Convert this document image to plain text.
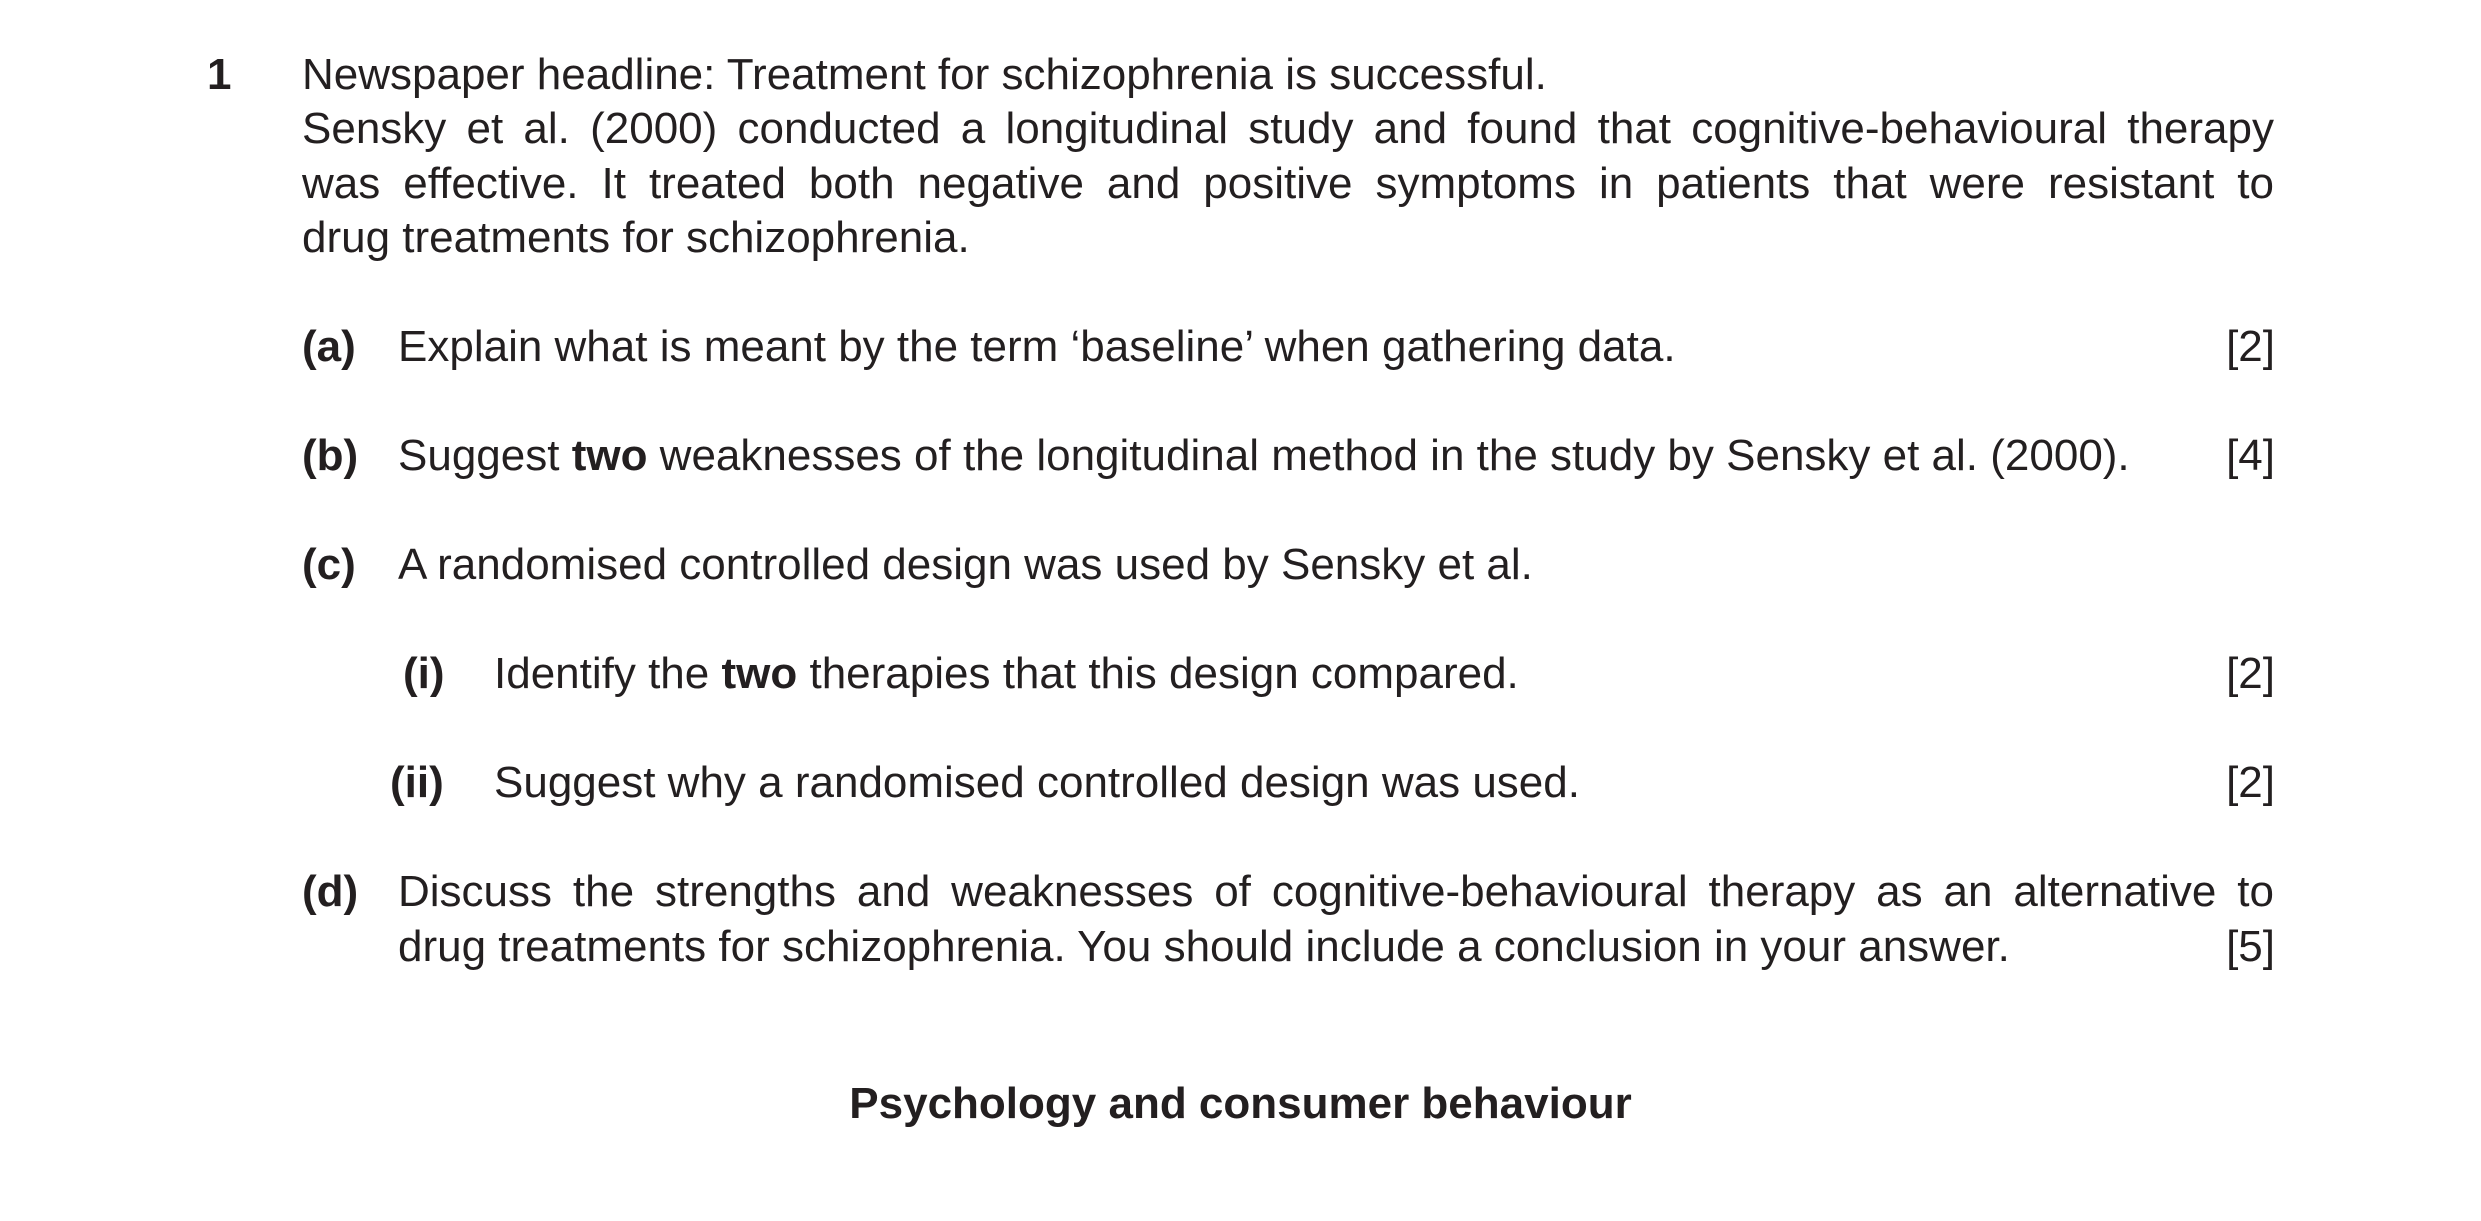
1 Newspaper headline: Treatment for schizophrenia is successful.
Sensky et al. (2000) conducted a longitudinal study and found that cognitive-behavioural therapy
was effective. It treated both negative and positive symptoms in patients that were resistant to
drug treatments for schizophrenia.
(a) Explain what is meant by the term ‘baseline’ when gathering data.	[2]
(b) Suggest two weaknesses of the longitudinal method in the study by Sensky et al. (2000). [4]
(c) A randomised controlled design was used by Sensky et al.
(i) Identify the two therapies that this design compared.	[2]
(ii) Suggest why a randomised controlled design was used.	[2]
(d) Discuss the strengths and weaknesses of cognitive-behavioural therapy as an alternative to
drug treatments for schizophrenia. You should include a conclusion in your answer.	[5]
Psychology and consumer behaviour
